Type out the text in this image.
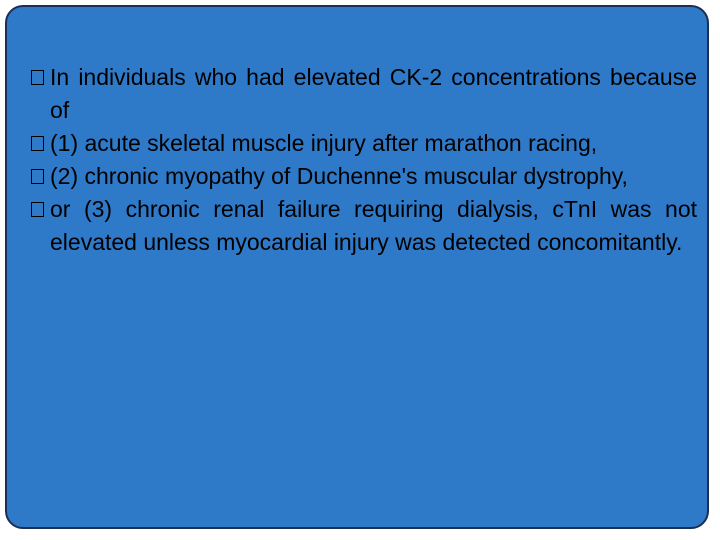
In individuals who had elevated CK-2 concentrations because of
(1) acute skeletal muscle injury after marathon racing,
(2) chronic myopathy of Duchenne's muscular dystrophy,
or (3) chronic renal failure requiring dialysis, cTnI was not elevated unless myocardial injury was detected concomitantly.
